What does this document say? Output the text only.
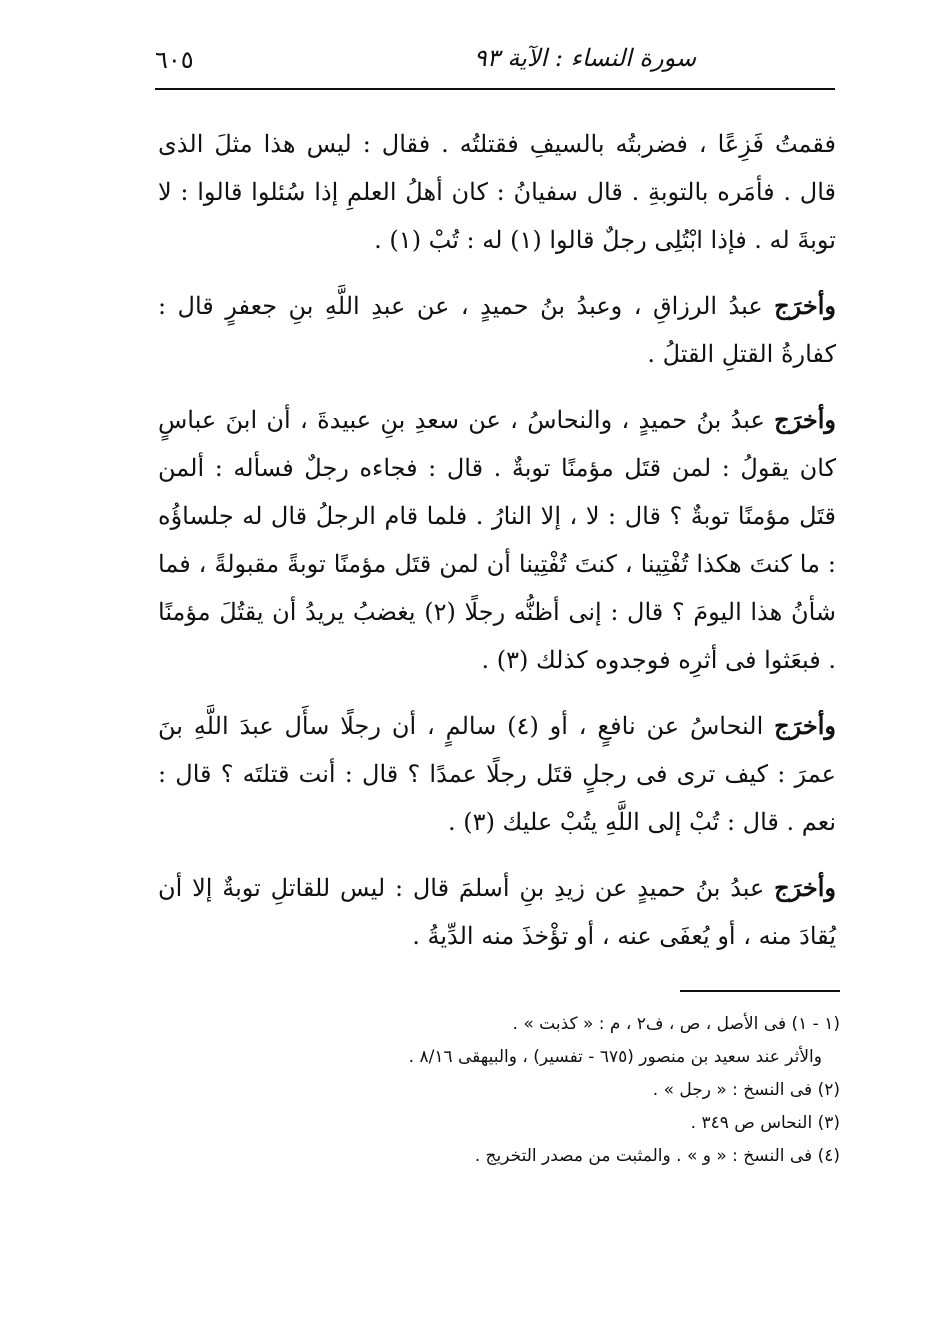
٦٠٥	سورة النساء : الآية ٩٣

فقمتُ فَزِعًا ، فضربتُه بالسيفِ فقتلتُه . فقال : ليس هذا مثلَ الذى قال . فأمَره بالتوبةِ . قال سفيانُ : كان أهلُ العلمِ إذا سُئلوا قالوا : لا توبةَ له . فإذا ابْتُلِى رجلٌ قالوا (١) له : تُبْ (١) .

وأخرَج عبدُ الرزاقِ ، وعبدُ بنُ حميدٍ ، عن عبدِ اللَّهِ بنِ جعفرٍ قال : كفارةُ القتلِ القتلُ .

وأخرَج عبدُ بنُ حميدٍ ، والنحاسُ ، عن سعدِ بنِ عبيدةَ ، أن ابنَ عباسٍ كان يقولُ : لمن قتَل مؤمنًا توبةٌ . قال : فجاءه رجلٌ فسأله : ألمن قتَل مؤمنًا توبةٌ ؟ قال : لا ، إلا النارُ . فلما قام الرجلُ قال له جلساؤُه : ما كنتَ هكذا تُفْتِينا ، كنتَ تُفْتِينا أن لمن قتَل مؤمنًا توبةً مقبولةً ، فما شأنُ هذا اليومَ ؟ قال : إنى أظنُّه رجلًا (٢) يغضبُ يريدُ أن يقتُلَ مؤمنًا . فبعَثوا فى أثرِه فوجدوه كذلك (٣) .

وأخرَج النحاسُ عن نافعٍ ، أو (٤) سالمٍ ، أن رجلًا سأَل عبدَ اللَّهِ بنَ عمرَ : كيف ترى فى رجلٍ قتَل رجلًا عمدًا ؟ قال : أنت قتلتَه ؟ قال : نعم . قال : تُبْ إلى اللَّهِ يتُبْ عليك (٣) .

وأخرَج عبدُ بنُ حميدٍ عن زيدِ بنِ أسلمَ قال : ليس للقاتلِ توبةٌ إلا أن يُقادَ منه ، أو يُعفَى عنه ، أو تؤْخذَ منه الدِّيةُ .

(١ - ١) فى الأصل ، ص ، ف٢ ، م : « كذبت » .

والأثر عند سعيد بن منصور (٦٧٥ - تفسير) ، والبيهقى ٨/١٦ .

(٢) فى النسخ : « رجل » .

(٣) النحاس ص ٣٤٩ .

(٤) فى النسخ : « و » . والمثبت من مصدر التخريج .
